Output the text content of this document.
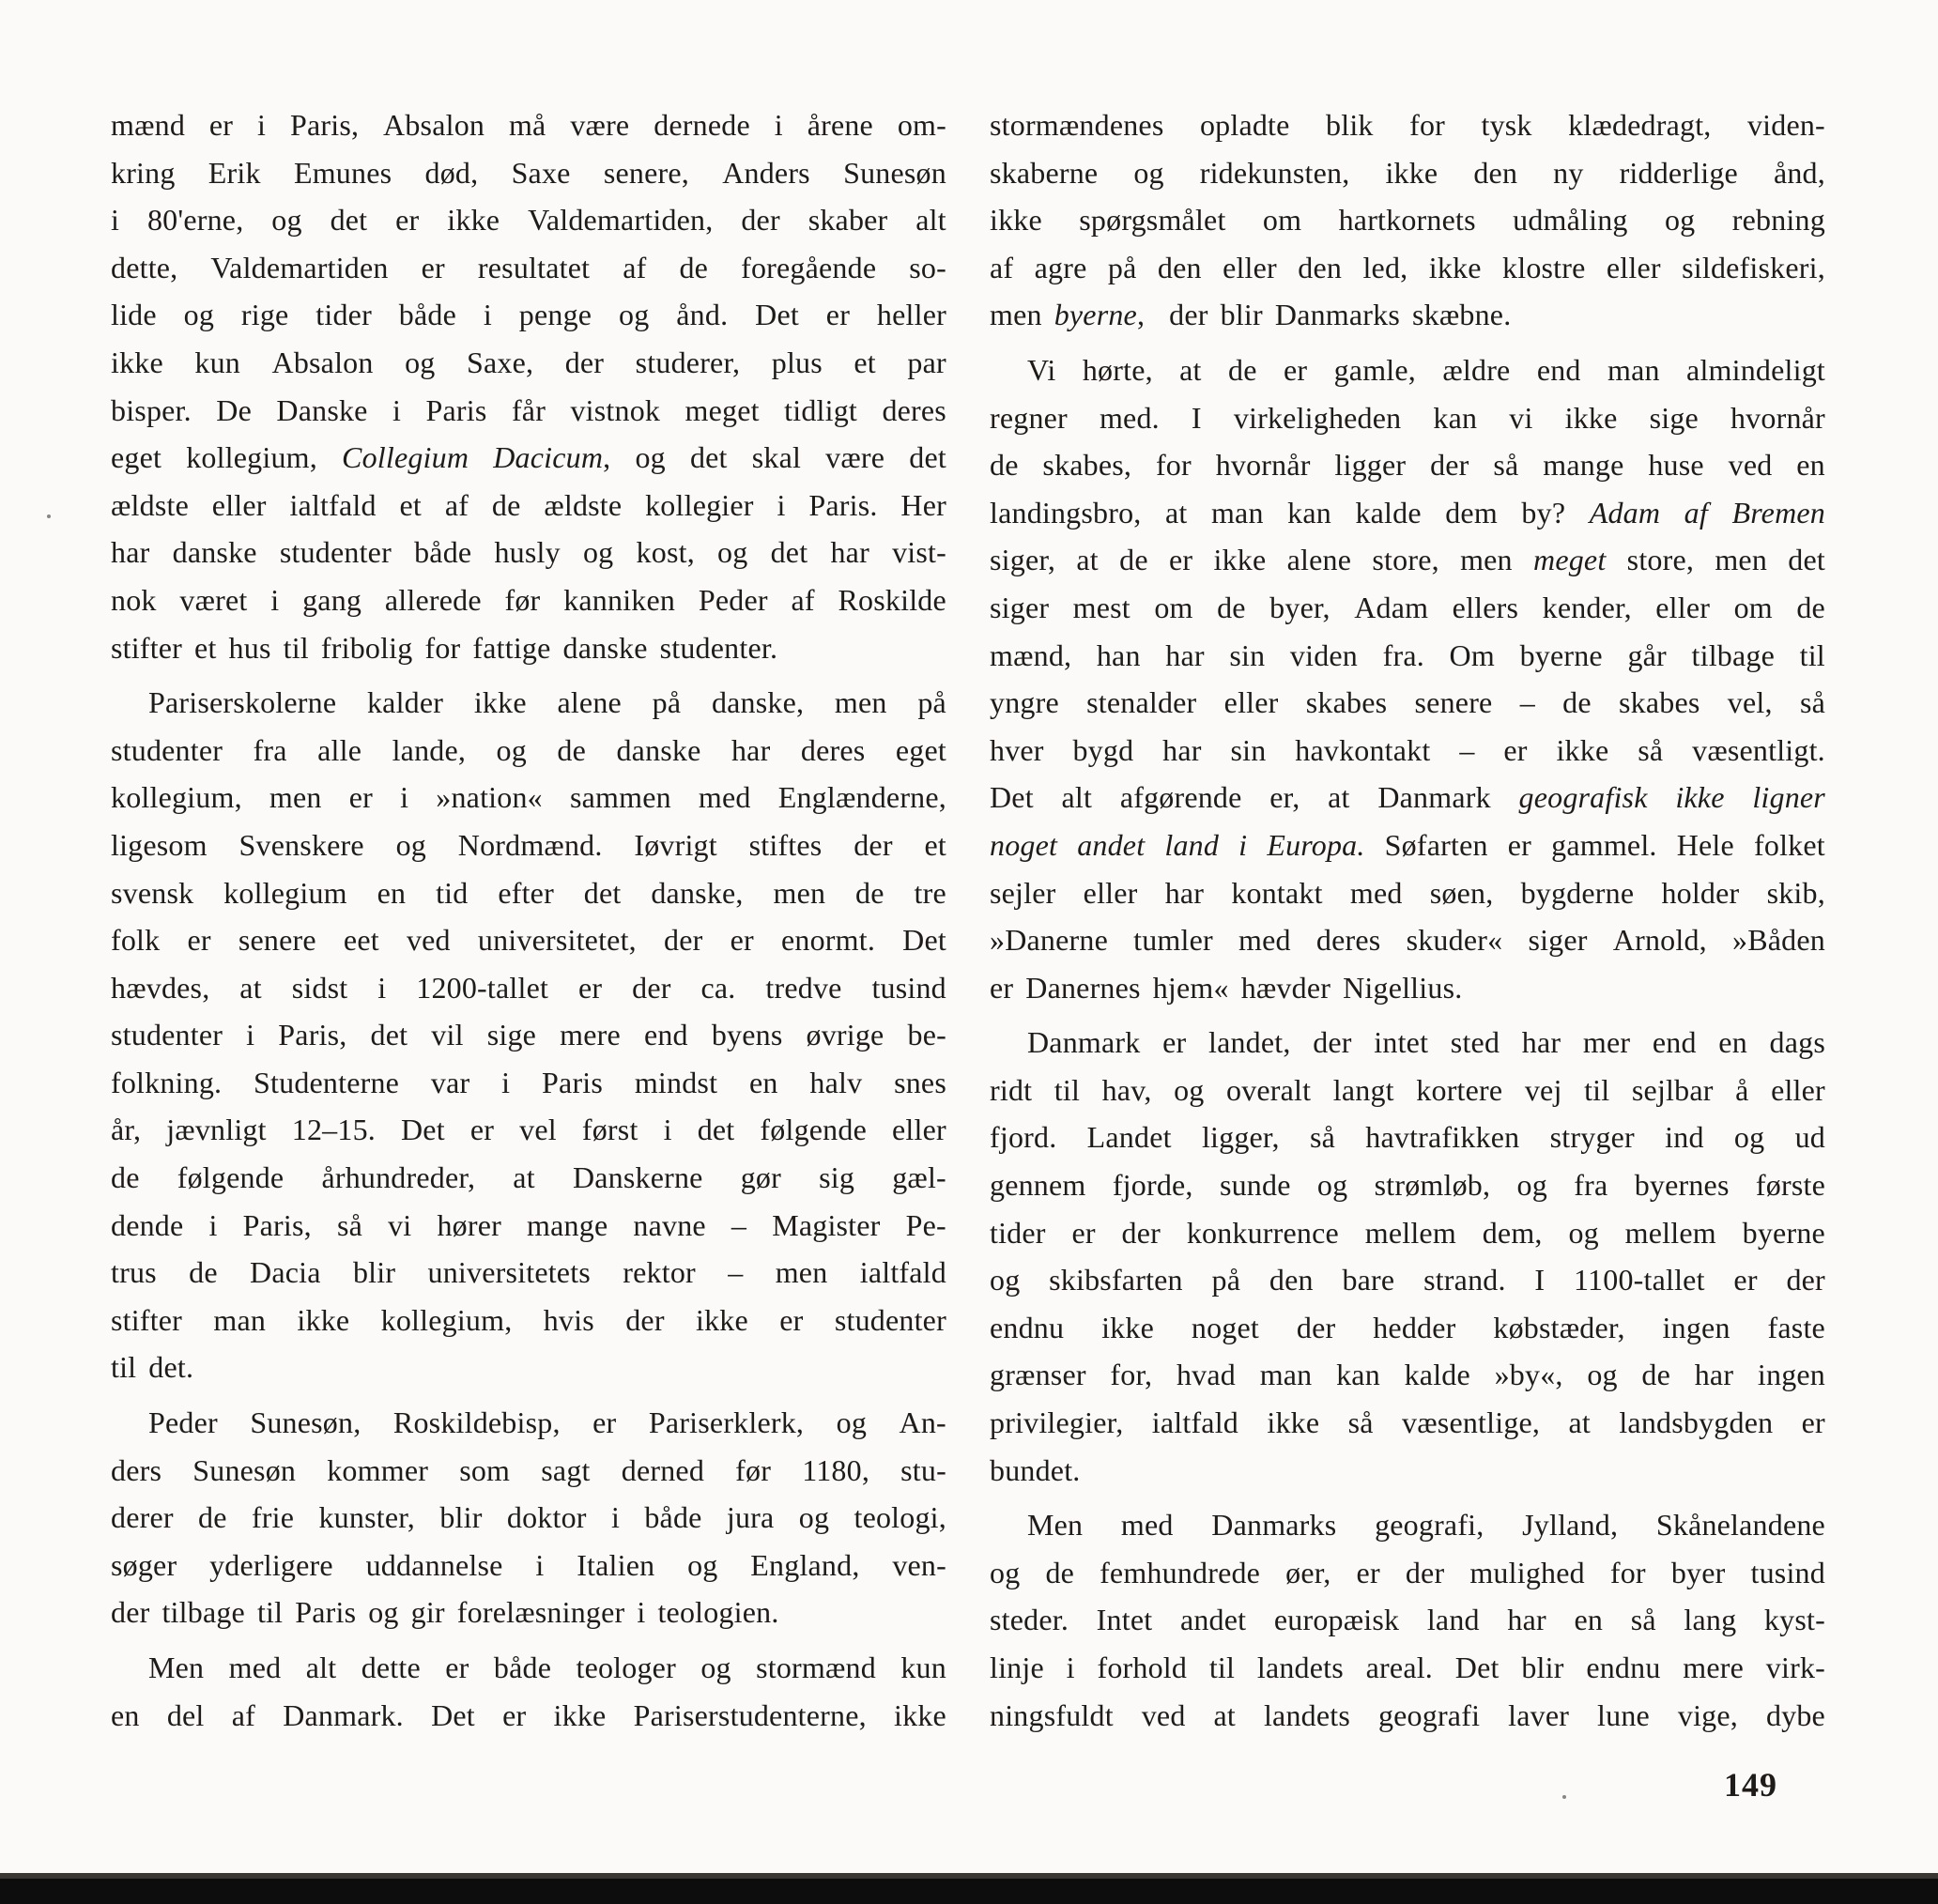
mænd er i Paris, Absalon må være dernede i årene om-
kring Erik Emunes død, Saxe senere, Anders Sunesøn
i 80'erne, og det er ikke Valdemartiden, der skaber alt
dette, Valdemartiden er resultatet af de foregående so-
lide og rige tider både i penge og ånd. Det er heller
ikke kun Absalon og Saxe, der studerer, plus et par
bisper. De Danske i Paris får vistnok meget tidligt deres
eget kollegium, Collegium Dacicum, og det skal være det
ældste eller ialtfald et af de ældste kollegier i Paris. Her
har danske studenter både husly og kost, og det har vist-
nok været i gang allerede før kanniken Peder af Roskilde
stifter et hus til fribolig for fattige danske studenter.
Pariserskolerne kalder ikke alene på danske, men på
studenter fra alle lande, og de danske har deres eget
kollegium, men er i »nation« sammen med Englænderne,
ligesom Svenskere og Nordmænd. Iøvrigt stiftes der et
svensk kollegium en tid efter det danske, men de tre
folk er senere eet ved universitetet, der er enormt. Det
hævdes, at sidst i 1200-tallet er der ca. tredve tusind
studenter i Paris, det vil sige mere end byens øvrige be-
folkning. Studenterne var i Paris mindst en halv snes
år, jævnligt 12–15. Det er vel først i det følgende eller
de følgende århundreder, at Danskerne gør sig gæl-
dende i Paris, så vi hører mange navne – Magister Pe-
trus de Dacia blir universitetets rektor – men ialtfald
stifter man ikke kollegium, hvis der ikke er studenter
til det.
Peder Sunesøn, Roskildebisp, er Pariserklerk, og An-
ders Sunesøn kommer som sagt derned før 1180, stu-
derer de frie kunster, blir doktor i både jura og teologi,
søger yderligere uddannelse i Italien og England, ven-
der tilbage til Paris og gir forelæsninger i teologien.
Men med alt dette er både teologer og stormænd kun
en del af Danmark. Det er ikke Pariserstudenterne, ikke
stormændenes opladte blik for tysk klædedragt, viden-
skaberne og ridekunsten, ikke den ny ridderlige ånd,
ikke spørgsmålet om hartkornets udmåling og rebning
af agre på den eller den led, ikke klostre eller sildefiskeri,
men byerne, der blir Danmarks skæbne.
Vi hørte, at de er gamle, ældre end man almindeligt
regner med. I virkeligheden kan vi ikke sige hvornår
de skabes, for hvornår ligger der så mange huse ved en
landingsbro, at man kan kalde dem by? Adam af Bremen
siger, at de er ikke alene store, men meget store, men det
siger mest om de byer, Adam ellers kender, eller om de
mænd, han har sin viden fra. Om byerne går tilbage til
yngre stenalder eller skabes senere – de skabes vel, så
hver bygd har sin havkontakt – er ikke så væsentligt.
Det alt afgørende er, at Danmark geografisk ikke ligner
noget andet land i Europa. Søfarten er gammel. Hele folket
sejler eller har kontakt med søen, bygderne holder skib,
»Danerne tumler med deres skuder« siger Arnold, »Båden
er Danernes hjem« hævder Nigellius.
Danmark er landet, der intet sted har mer end en dags
ridt til hav, og overalt langt kortere vej til sejlbar å eller
fjord. Landet ligger, så havtrafikken stryger ind og ud
gennem fjorde, sunde og strømløb, og fra byernes første
tider er der konkurrence mellem dem, og mellem byerne
og skibsfarten på den bare strand. I 1100-tallet er der
endnu ikke noget der hedder købstæder, ingen faste
grænser for, hvad man kan kalde »by«, og de har ingen
privilegier, ialtfald ikke så væsentlige, at landsbygden er
bundet.
Men med Danmarks geografi, Jylland, Skånelandene
og de femhundrede øer, er der mulighed for byer tusind
steder. Intet andet europæisk land har en så lang kyst-
linje i forhold til landets areal. Det blir endnu mere virk-
ningsfuldt ved at landets geografi laver lune vige, dybe
149
